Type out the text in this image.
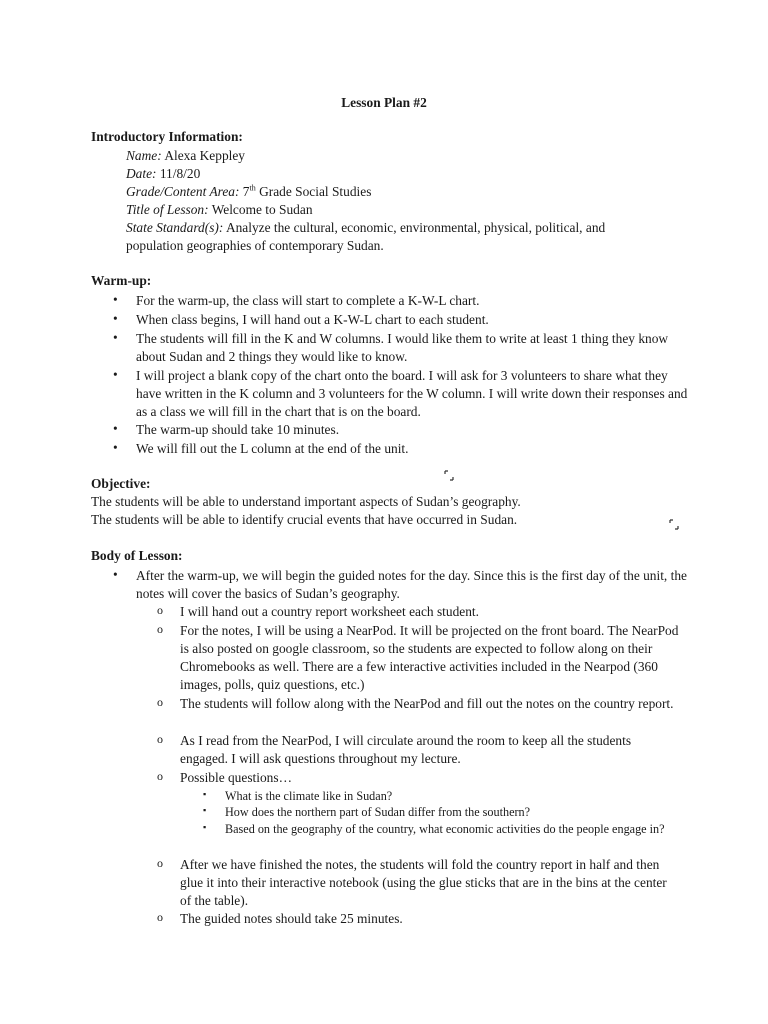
Lesson Plan #2
Introductory Information:
Name: Alexa Keppley
Date: 11/8/20
Grade/Content Area: 7th Grade Social Studies
Title of Lesson: Welcome to Sudan
State Standard(s): Analyze the cultural, economic, environmental, physical, political, and
population geographies of contemporary Sudan.
Warm-up:
•	For the warm-up, the class will start to complete a K-W-L chart.
•	When class begins, I will hand out a K-W-L chart to each student.
•	The students will fill in the K and W columns. I would like them to write at least 1 thing they know about Sudan and 2 things they would like to know.
•	I will project a blank copy of the chart onto the board. I will ask for 3 volunteers to share what they have written in the K column and 3 volunteers for the W column. I will write down their responses and as a class we will fill in the chart that is on the board.
•	The warm-up should take 10 minutes.
•	We will fill out the L column at the end of the unit.
Objective:
The students will be able to understand important aspects of Sudan’s geography.
The students will be able to identify crucial events that have occurred in Sudan.
Body of Lesson:
•	After the warm-up, we will begin the guided notes for the day. Since this is the first day of the unit, the notes will cover the basics of Sudan’s geography.
o I will hand out a country report worksheet each student.
o For the notes, I will be using a NearPod. It will be projected on the front board. The NearPod is also posted on google classroom, so the students are expected to follow along on their Chromebooks as well. There are a few interactive activities included in the Nearpod (360 images, polls, quiz questions, etc.)
o The students will follow along with the NearPod and fill out the notes on the country report.
o As I read from the NearPod, I will circulate around the room to keep all the students engaged. I will ask questions throughout my lecture.
o Possible questions…
▪ What is the climate like in Sudan?
▪ How does the northern part of Sudan differ from the southern?
▪ Based on the geography of the country, what economic activities do the people engage in?
o After we have finished the notes, the students will fold the country report in half and then glue it into their interactive notebook (using the glue sticks that are in the bins at the center of the table).
o The guided notes should take 25 minutes.
